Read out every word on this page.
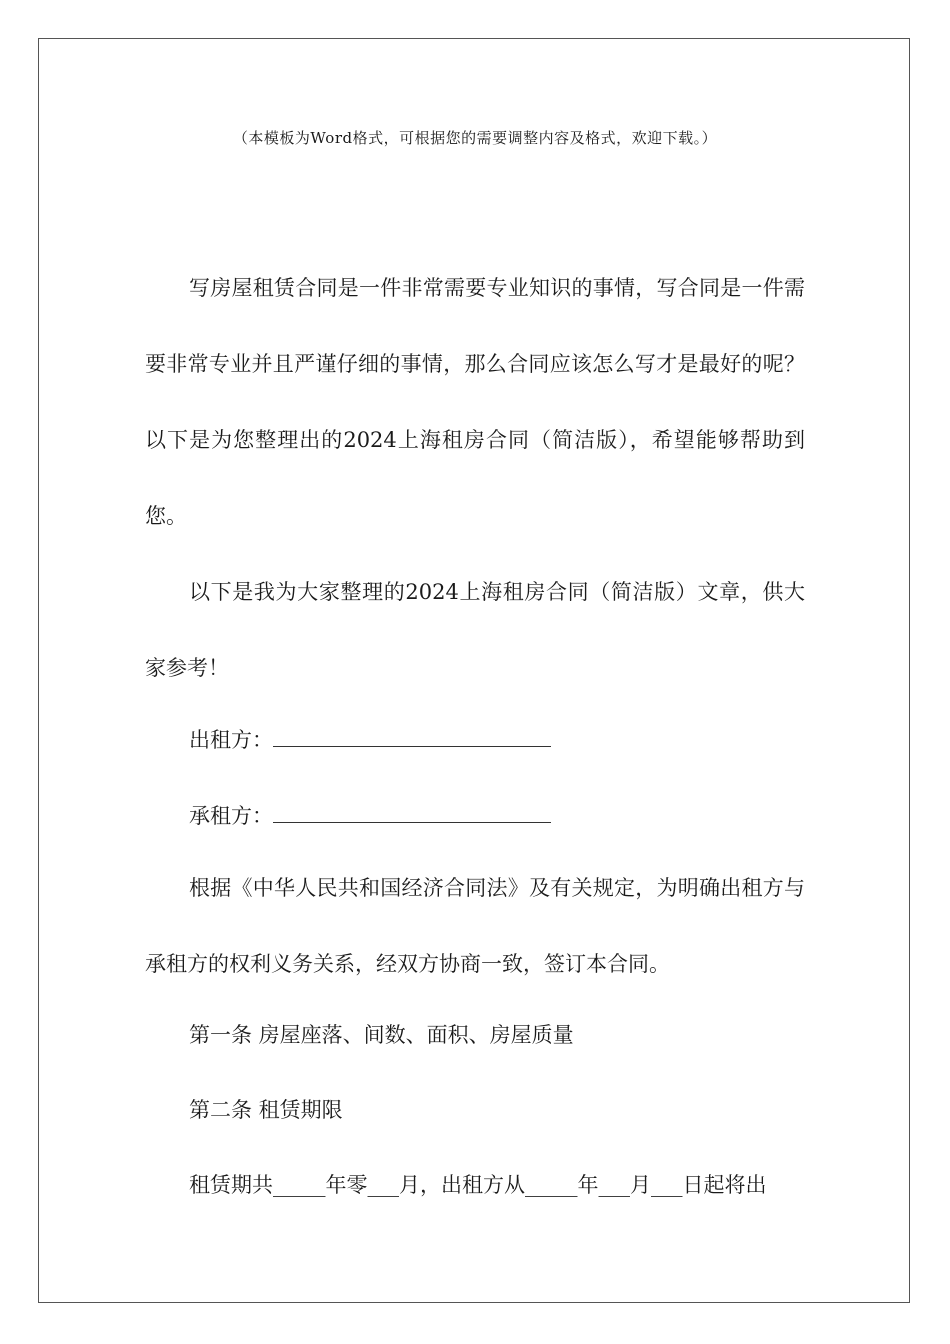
（本模板为Word格式，可根据您的需要调整内容及格式，欢迎下载。）

写房屋租赁合同是一件非常需要专业知识的事情，写合同是一件需要非常专业并且严谨仔细的事情，那么合同应该怎么写才是最好的呢？以下是为您整理出的2024上海租房合同（简洁版），希望能够帮助到您。

以下是我为大家整理的2024上海租房合同（简洁版）文章，供大家参考！

出租方：
承租方：

根据《中华人民共和国经济合同法》及有关规定，为明确出租方与承租方的权利义务关系，经双方协商一致，签订本合同。

第一条 房屋座落、间数、面积、房屋质量
第二条 租赁期限
租赁期共_____年零___月，出租方从_____年___月___日起将出
